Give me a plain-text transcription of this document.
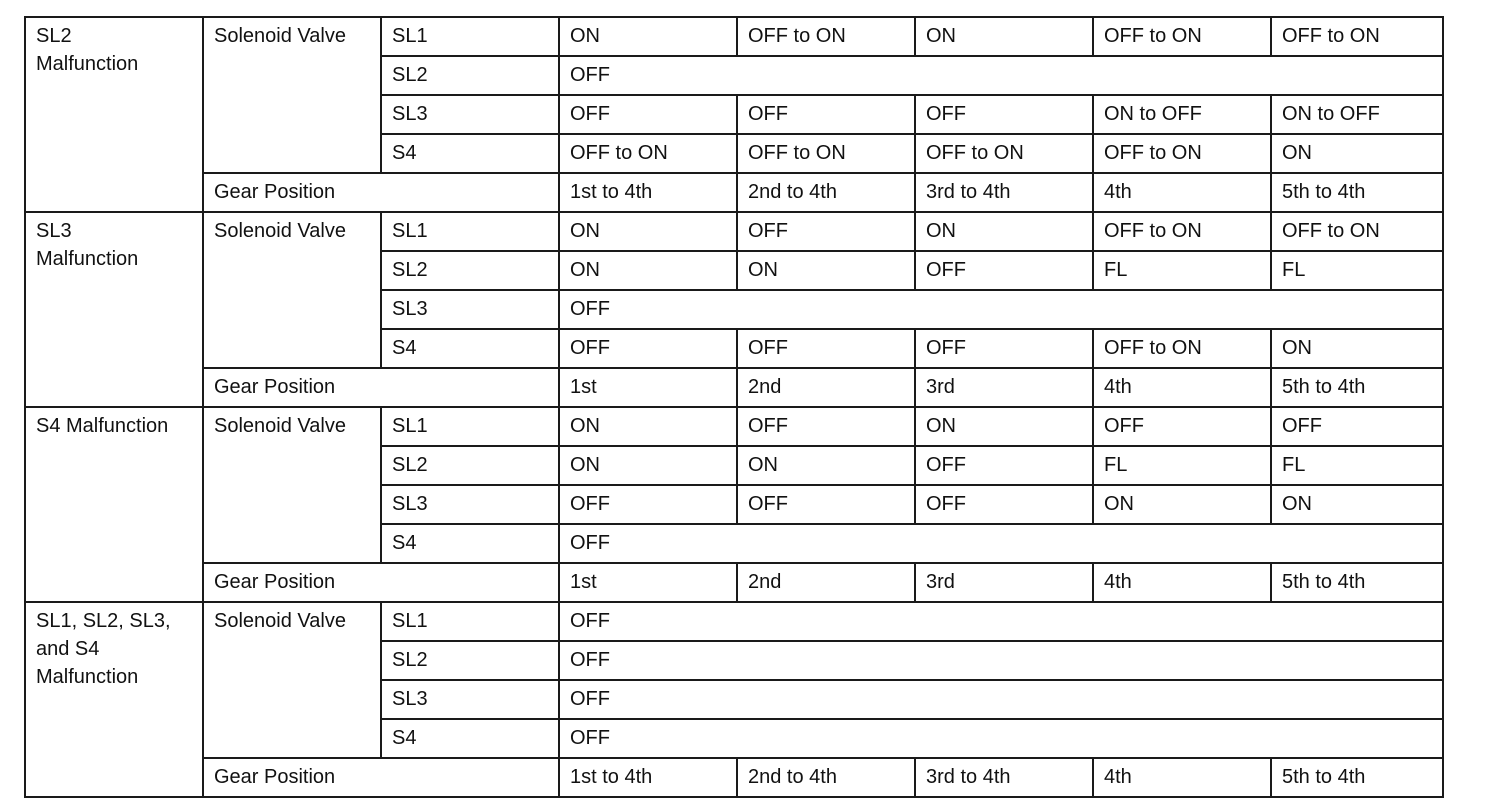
SL2
Malfunction	Solenoid Valve	SL1	ON	OFF to ON	ON	OFF to ON	OFF to ON
		SL2	OFF				
		SL3	OFF	OFF	OFF	ON to OFF	ON to OFF
		S4	OFF to ON	OFF to ON	OFF to ON	OFF to ON	ON
	Gear Position		1st to 4th	2nd to 4th	3rd to 4th	4th	5th to 4th
SL3
Malfunction	Solenoid Valve	SL1	ON	OFF	ON	OFF to ON	OFF to ON
		SL2	ON	ON	OFF	FL	FL
		SL3	OFF				
		S4	OFF	OFF	OFF	OFF to ON	ON
	Gear Position		1st	2nd	3rd	4th	5th to 4th
S4 Malfunction	Solenoid Valve	SL1	ON	OFF	ON	OFF	OFF
		SL2	ON	ON	OFF	FL	FL
		SL3	OFF	OFF	OFF	ON	ON
		S4	OFF				
	Gear Position		1st	2nd	3rd	4th	5th to 4th
SL1, SL2, SL3,
and S4
Malfunction	Solenoid Valve	SL1	OFF				
		SL2	OFF				
		SL3	OFF				
		S4	OFF				
	Gear Position		1st to 4th	2nd to 4th	3rd to 4th	4th	5th to 4th
